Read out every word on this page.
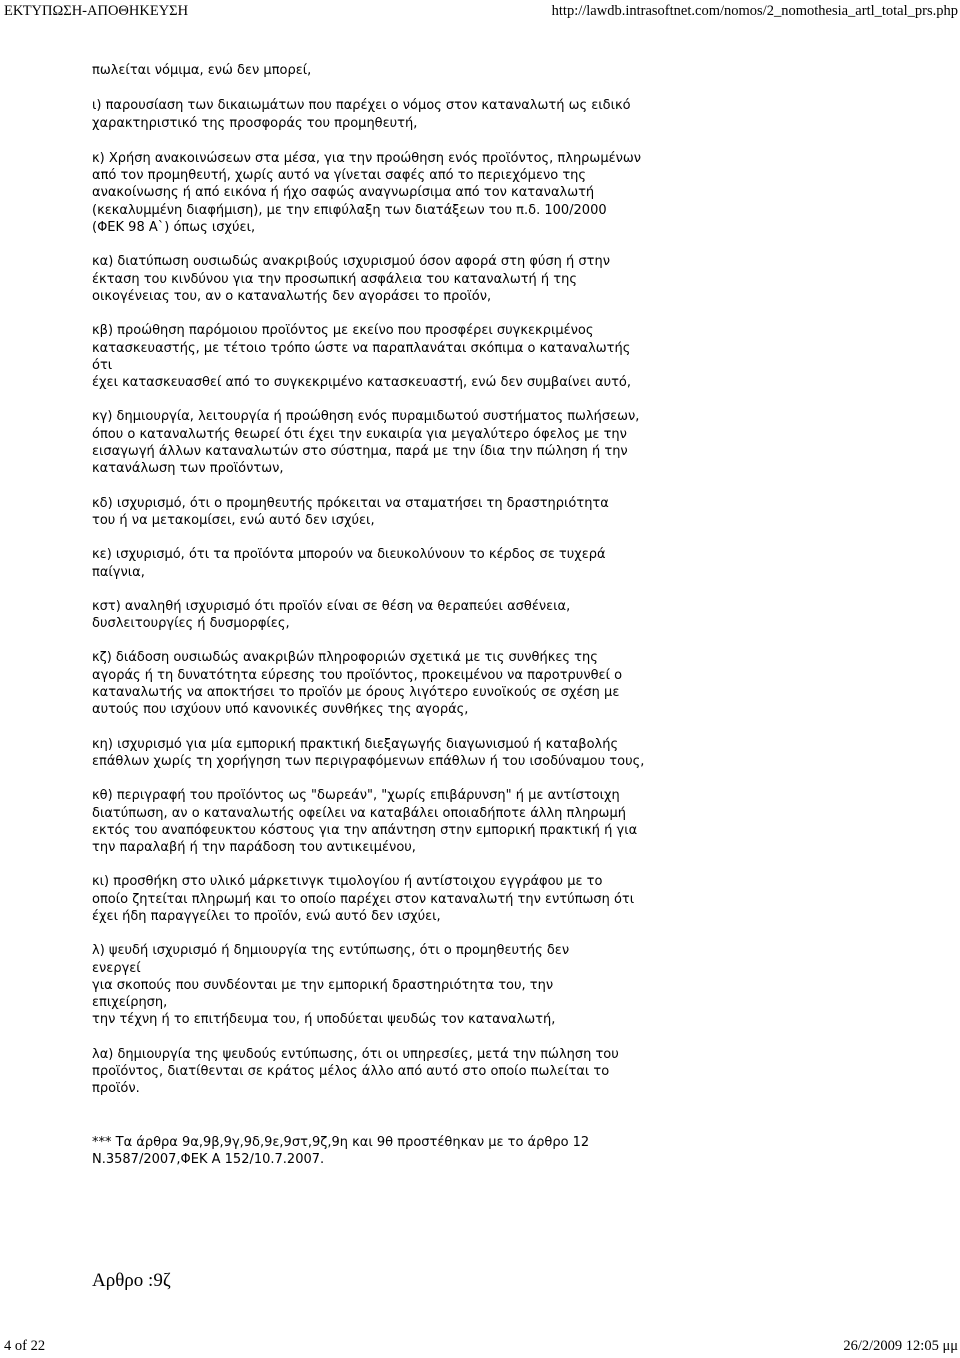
ΕΚΤΥΠΩΣΗ-ΑΠΟΘΗΚΕΥΣΗ	http://lawdb.intrasoftnet.com/nomos/2_nomothesia_artl_total_prs.php

πωλείται νόμιμα, ενώ δεν μπορεί,

ι) παρουσίαση των δικαιωμάτων που παρέχει ο νόμος στον καταναλωτή ως ειδικό
χαρακτηριστικό της προσφοράς του προμηθευτή,

κ) Χρήση ανακοινώσεων στα μέσα, για την προώθηση ενός προϊόντος, πληρωμένων
από τον προμηθευτή, χωρίς αυτό να γίνεται σαφές από το περιεχόμενο της
ανακοίνωσης ή από εικόνα ή ήχο σαφώς αναγνωρίσιμα από τον καταναλωτή
(κεκαλυμμένη διαφήμιση), με την επιφύλαξη των διατάξεων του π.δ. 100/2000
(ΦΕΚ 98 Α`) όπως ισχύει,

κα) διατύπωση ουσιωδώς ανακριβούς ισχυρισμού όσον αφορά στη φύση ή στην
έκταση του κινδύνου για την προσωπική ασφάλεια του καταναλωτή ή της
οικογένειας του, αν ο καταναλωτής δεν αγοράσει το προϊόν,

κβ) προώθηση παρόμοιου προϊόντος με εκείνο που προσφέρει συγκεκριμένος
κατασκευαστής, με τέτοιο τρόπο ώστε να παραπλανάται σκόπιμα ο καταναλωτής
ότι
έχει κατασκευασθεί από το συγκεκριμένο κατασκευαστή, ενώ δεν συμβαίνει αυτό,

κγ) δημιουργία, λειτουργία ή προώθηση ενός πυραμιδωτού συστήματος πωλήσεων,
όπου ο καταναλωτής θεωρεί ότι έχει την ευκαιρία για μεγαλύτερο όφελος με την
εισαγωγή άλλων καταναλωτών στο σύστημα, παρά με την ίδια την πώληση ή την
κατανάλωση των προϊόντων,

κδ) ισχυρισμό, ότι ο προμηθευτής πρόκειται να σταματήσει τη δραστηριότητα
του ή να μετακομίσει, ενώ αυτό δεν ισχύει,

κε) ισχυρισμό, ότι τα προϊόντα μπορούν να διευκολύνουν το κέρδος σε τυχερά
παίγνια,

κστ) αναληθή ισχυρισμό ότι προϊόν είναι σε θέση να θεραπεύει ασθένεια,
δυσλειτουργίες ή δυσμορφίες,

κζ) διάδοση ουσιωδώς ανακριβών πληροφοριών σχετικά με τις συνθήκες της
αγοράς ή τη δυνατότητα εύρεσης του προϊόντος, προκειμένου να παροτρυνθεί ο
καταναλωτής να αποκτήσει το προϊόν με όρους λιγότερο ευνοϊκούς σε σχέση με
αυτούς που ισχύουν υπό κανονικές συνθήκες της αγοράς,

κη) ισχυρισμό για μία εμπορική πρακτική διεξαγωγής διαγωνισμού ή καταβολής
επάθλων χωρίς τη χορήγηση των περιγραφόμενων επάθλων ή του ισοδύναμου τους,

κθ) περιγραφή του προϊόντος ως "δωρεάν", "χωρίς επιβάρυνση" ή με αντίστοιχη
διατύπωση, αν ο καταναλωτής οφείλει να καταβάλει οποιαδήποτε άλλη πληρωμή
εκτός του αναπόφευκτου κόστους για την απάντηση στην εμπορική πρακτική ή για
την παραλαβή ή την παράδοση του αντικειμένου,

κι) προσθήκη στο υλικό μάρκετινγκ τιμολογίου ή αντίστοιχου εγγράφου με το
οποίο ζητείται πληρωμή και το οποίο παρέχει στον καταναλωτή την εντύπωση ότι
έχει ήδη παραγγείλει το προϊόν, ενώ αυτό δεν ισχύει,

λ) ψευδή ισχυρισμό ή δημιουργία της εντύπωσης, ότι ο προμηθευτής δεν
ενεργεί
για σκοπούς που συνδέονται με την εμπορική δραστηριότητα του, την
επιχείρηση,
την τέχνη ή το επιτήδευμα του, ή υποδύεται ψευδώς τον καταναλωτή,

λα) δημιουργία της ψευδούς εντύπωσης, ότι οι υπηρεσίες, μετά την πώληση του
προϊόντος, διατίθενται σε κράτος μέλος άλλο από αυτό στο οποίο πωλείται το
προϊόν.

*** Τα άρθρα 9α,9β,9γ,9δ,9ε,9στ,9ζ,9η και 9θ προστέθηκαν με το άρθρο 12
Ν.3587/2007,ΦΕΚ Α 152/10.7.2007.

Αρθρο :9ζ
4 of 22	26/2/2009 12:05 μμ
